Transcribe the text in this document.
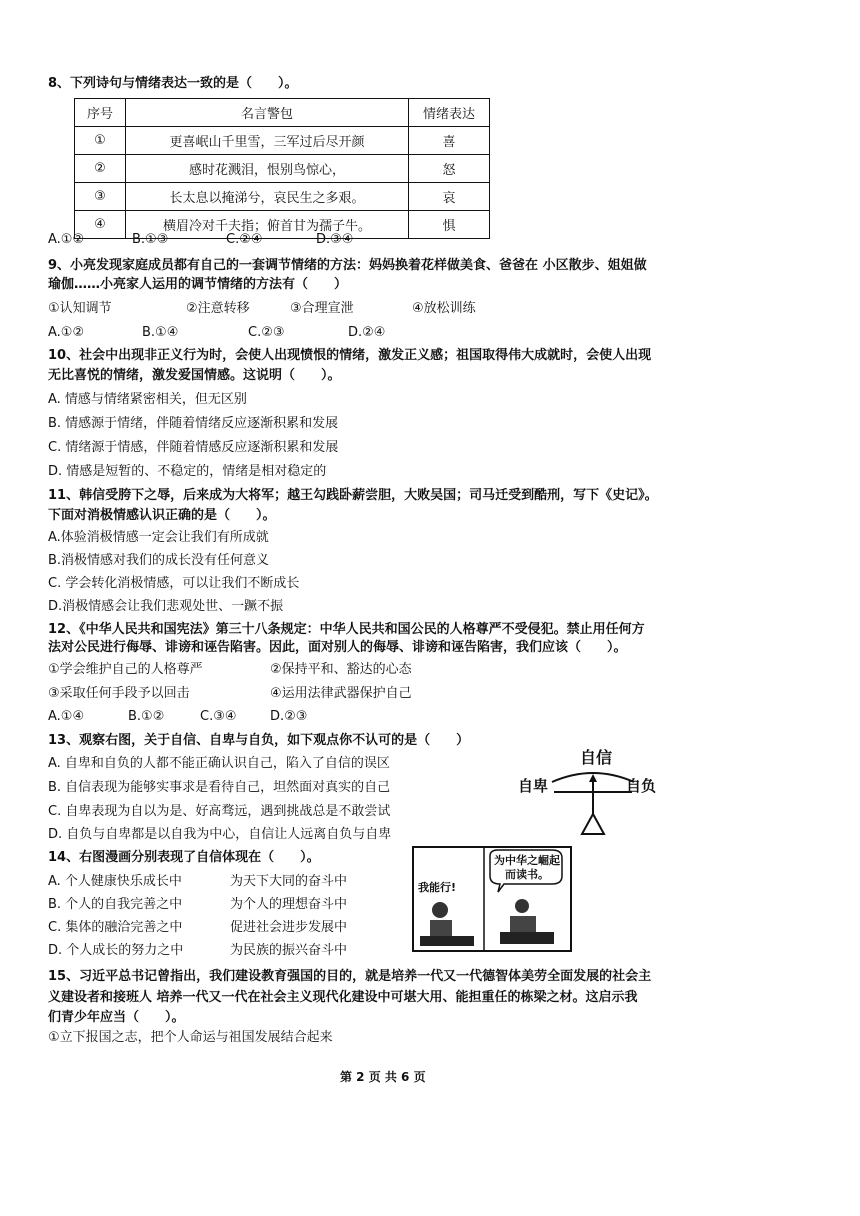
8、下列诗句与情绪表达一致的是（　　）。
序号	名言警包	情绪表达
①	更喜岷山千里雪，三军过后尽开颜	喜
②	感时花溅泪，恨别鸟惊心，	怒
③	长太息以掩涕兮，哀民生之多艰。	哀
④	横眉冷对千夫指；俯首甘为孺子牛。	惧
A.①②	B.①③	C.②④	D.③④
9、小亮发现家庭成员都有自己的一套调节情绪的方法：妈妈换着花样做美食、爸爸在 小区散步、姐姐做
瑜伽……小亮家人运用的调节情绪的方法有（　　）
①认知调节	②注意转移	③合理宣泄	④放松训练
A.①②	B.①④	C.②③	D.②④
10、社会中出现非正义行为时，会使人出现愤恨的情绪，激发正义感；祖国取得伟大成就时，会使人出现
无比喜悦的情绪，激发爱国情感。这说明（　　）。
A. 情感与情绪紧密相关，但无区别
B. 情感源于情绪，伴随着情绪反应逐渐积累和发展
C. 情绪源于情感，伴随着情感反应逐渐积累和发展
D. 情感是短暂的、不稳定的，情绪是相对稳定的
11、韩信受胯下之辱，后来成为大将军；越王勾践卧薪尝胆，大败吴国；司马迁受到酷刑，写下《史记》。
下面对消极情感认识正确的是（　　）。
A.体验消极情感一定会让我们有所成就
B.消极情感对我们的成长没有任何意义
C. 学会转化消极情感，可以让我们不断成长
D.消极情感会让我们悲观处世、一蹶不振
12、《中华人民共和国宪法》第三十八条规定：中华人民共和国公民的人格尊严不受侵犯。禁止用任何方
法对公民进行侮辱、诽谤和诬告陷害。因此，面对别人的侮辱、诽谤和诬告陷害，我们应该（　　）。
①学会维护自己的人格尊严	②保持平和、豁达的心态
③采取任何手段予以回击	④运用法律武器保护自己
A.①④	B.①②	C.③④	D.②③
13、观察右图，关于自信、自卑与自负，如下观点你不认可的是（　　）
A. 自卑和自负的人都不能正确认识自己，陷入了自信的误区
B. 自信表现为能够实事求是看待自己，坦然面对真实的自己
C. 自卑表现为自以为是、好高骛远，遇到挑战总是不敢尝试
D. 自负与自卑都是以自我为中心，自信让人远离自负与自卑
自信
自卑	自负
14、右图漫画分别表现了自信体现在（　　）。
A. 个人健康快乐成长中	为天下大同的奋斗中
B. 个人的自我完善之中	为个人的理想奋斗中
C. 集体的融洽完善之中	促进社会进步发展中
D. 个人成长的努力之中	为民族的振兴奋斗中
我能行!
为中华之崛起而读书。
15、习近平总书记曾指出，我们建设教育强国的目的，就是培养一代又一代德智体美劳全面发展的社会主
义建设者和接班人 培养一代又一代在社会主义现代化建设中可堪大用、能担重任的栋梁之材。这启示我
们青少年应当（　　）。
①立下报国之志，把个人命运与祖国发展结合起来
第 2 页 共 6 页
